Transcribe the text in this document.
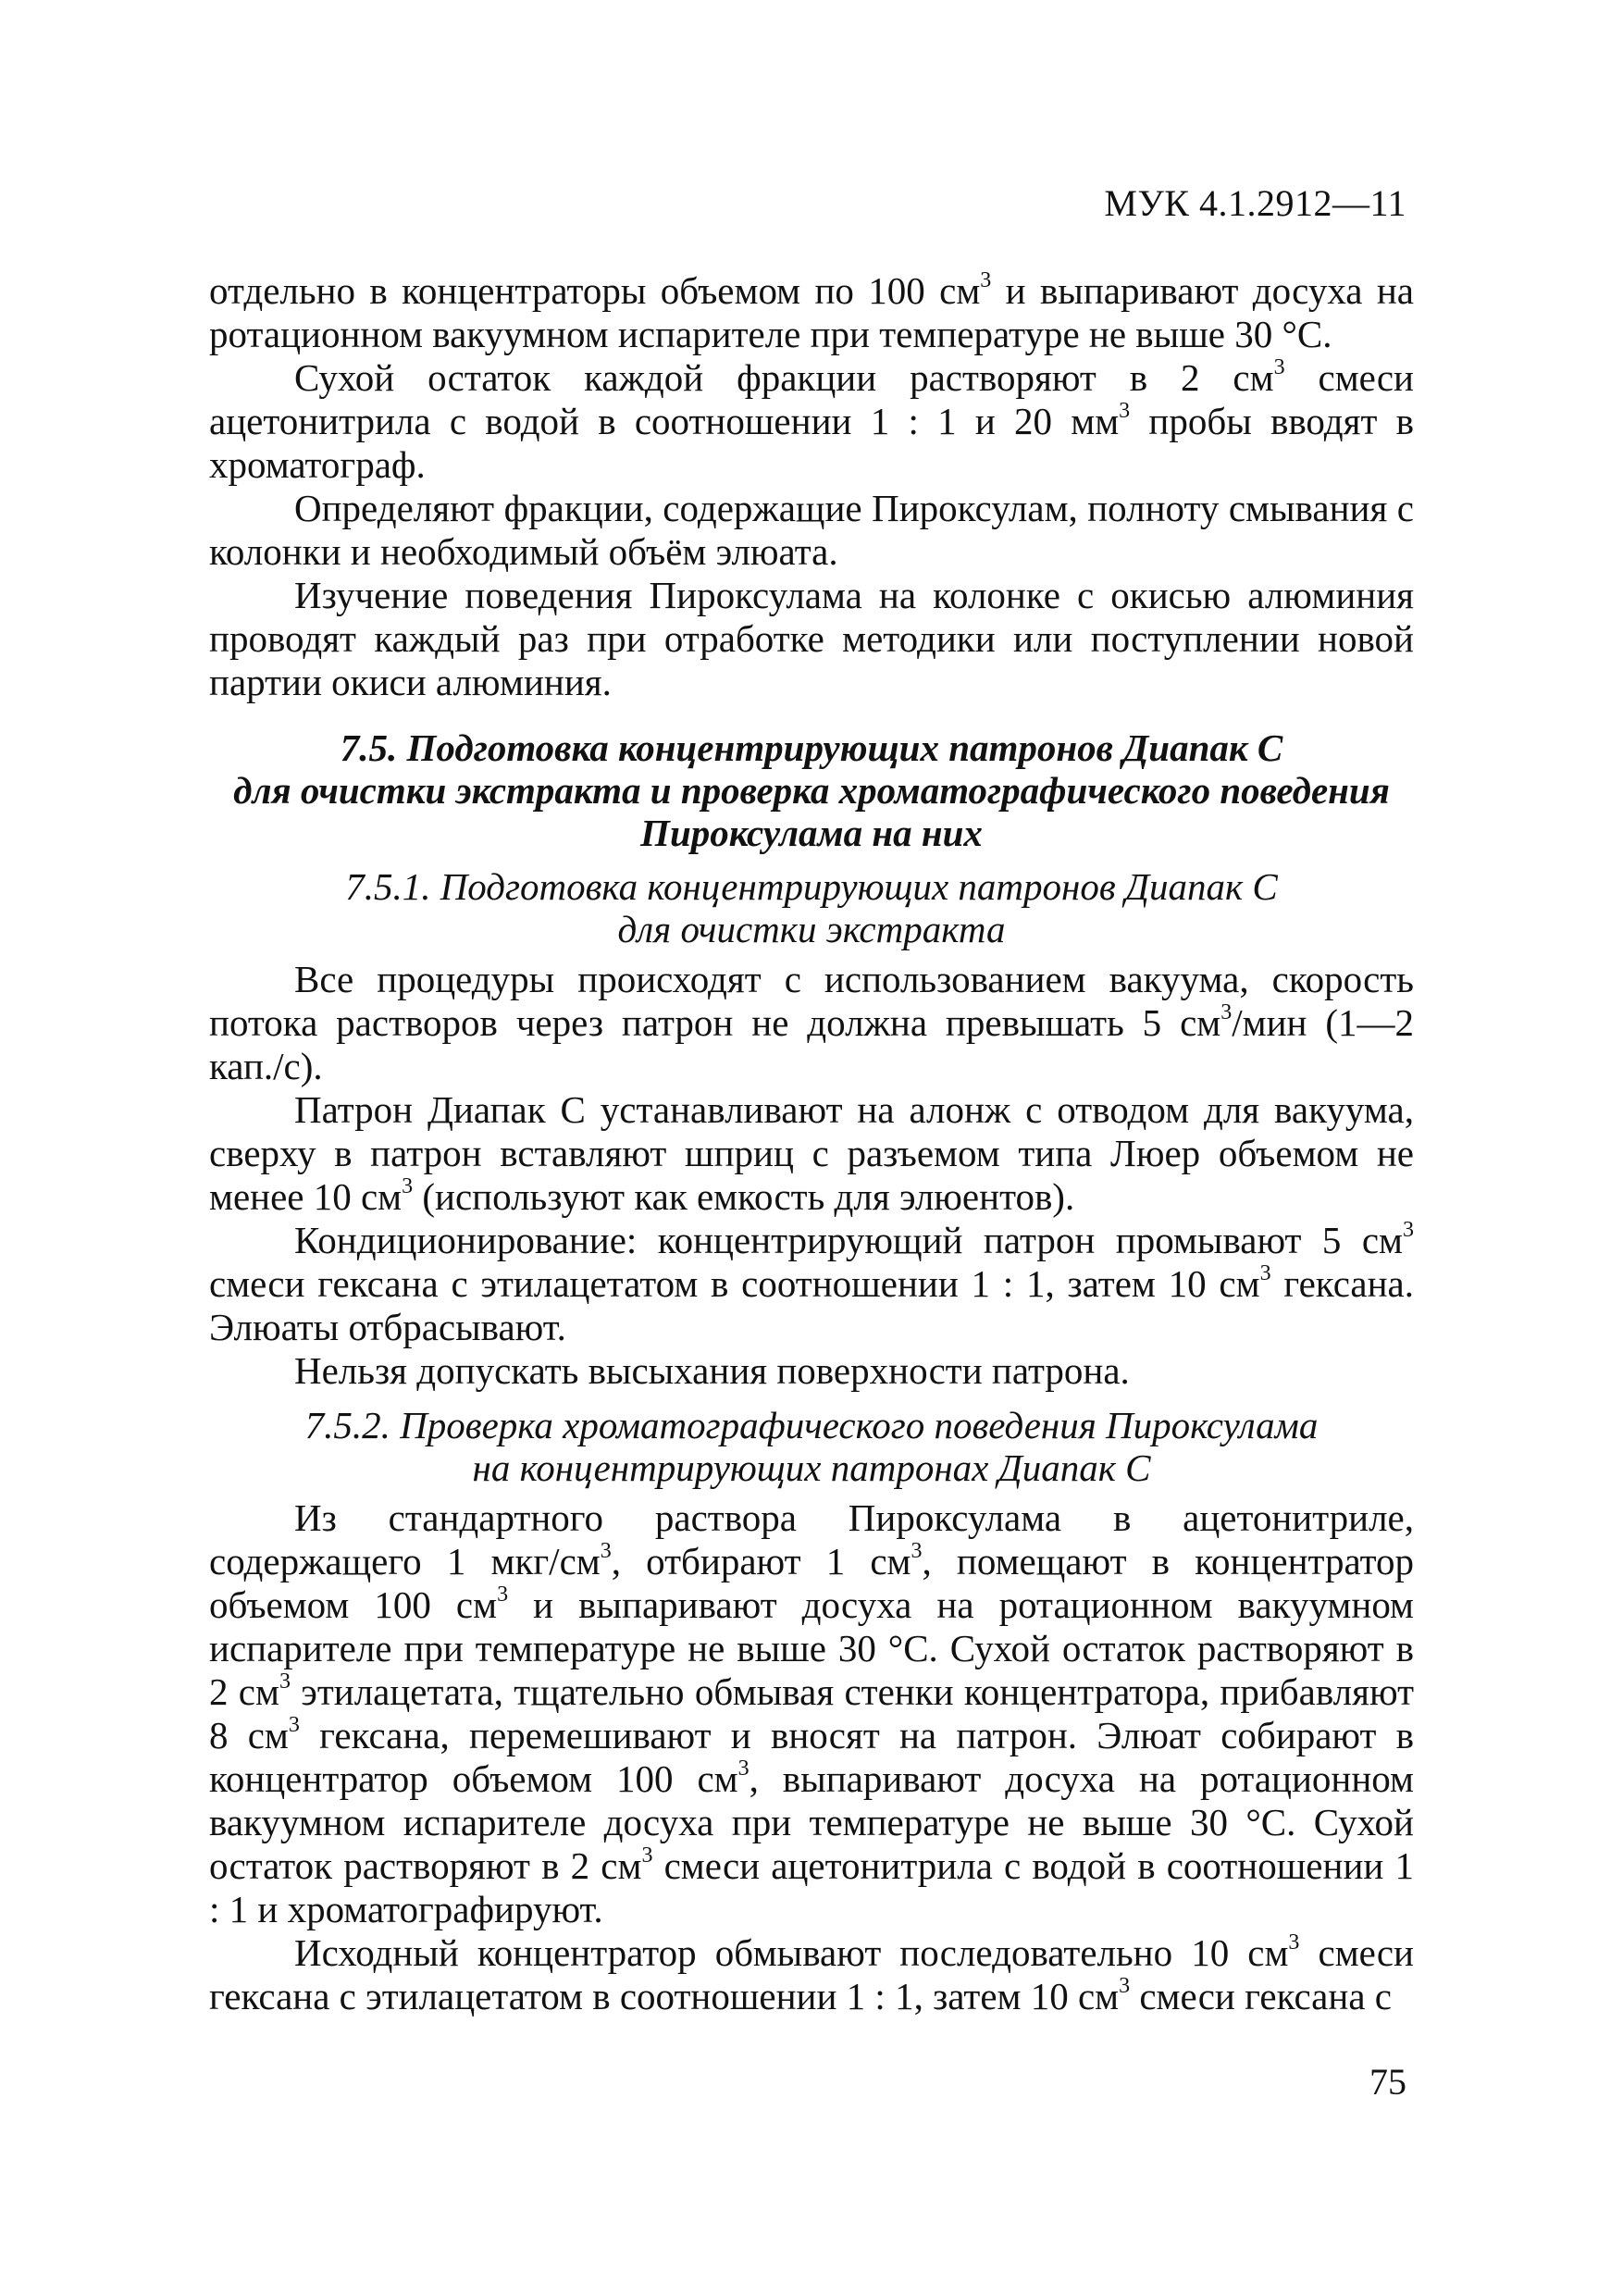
МУК 4.1.2912—11

отдельно в концентраторы объемом по 100 $см^3$ и выпаривают досуха на ротационном вакуумном испарителе при температуре не выше 30 °С.

Сухой остаток каждой фракции растворяют в 2 $см^3$ смеси ацетонитрила с водой в соотношении 1 : 1 и 20 $мм^3$ пробы вводят в хроматограф.

Определяют фракции, содержащие Пироксулам, полноту смывания с колонки и необходимый объём элюата.

Изучение поведения Пироксулама на колонке с окисью алюминия проводят каждый раз при отработке методики или поступлении новой партии окиси алюминия.

7.5. Подготовка концентрирующих патронов Диапак С
для очистки экстракта и проверка хроматографического поведения
Пироксулама на них
7.5.1. Подготовка концентрирующих патронов Диапак С
для очистки экстракта

Все процедуры происходят с использованием вакуума, скорость потока растворов через патрон не должна превышать 5 $см^3$/мин (1—2 кап./с).

Патрон Диапак С устанавливают на алонж с отводом для вакуума, сверху в патрон вставляют шприц с разъемом типа Люер объемом не менее 10 $см^3$ (используют как емкость для элюентов).

Кондиционирование: концентрирующий патрон промывают 5 $см^3$ смеси гексана с этилацетатом в соотношении 1 : 1, затем 10 $см^3$ гексана. Элюаты отбрасывают.

Нельзя допускать высыхания поверхности патрона.

7.5.2. Проверка хроматографического поведения Пироксулама
на концентрирующих патронах Диапак С

Из стандартного раствора Пироксулама в ацетонитриле, содержащего 1 мкг/$см^3$, отбирают 1 $см^3$, помещают в концентратор объемом 100 $см^3$ и выпаривают досуха на ротационном вакуумном испарителе при температуре не выше 30 °С. Сухой остаток растворяют в 2 $см^3$ этилацетата, тщательно обмывая стенки концентратора, прибавляют 8 $см^3$ гексана, перемешивают и вносят на патрон. Элюат собирают в концентратор объемом 100 $см^3$, выпаривают досуха на ротационном вакуумном испарителе досуха при температуре не выше 30 °С. Сухой остаток растворяют в 2 $см^3$ смеси ацетонитрила с водой в соотношении 1 : 1 и хроматографируют.

Исходный концентратор обмывают последовательно 10 $см^3$ смеси гексана с этилацетатом в соотношении 1 : 1, затем 10 $см^3$ смеси гексана с

75
